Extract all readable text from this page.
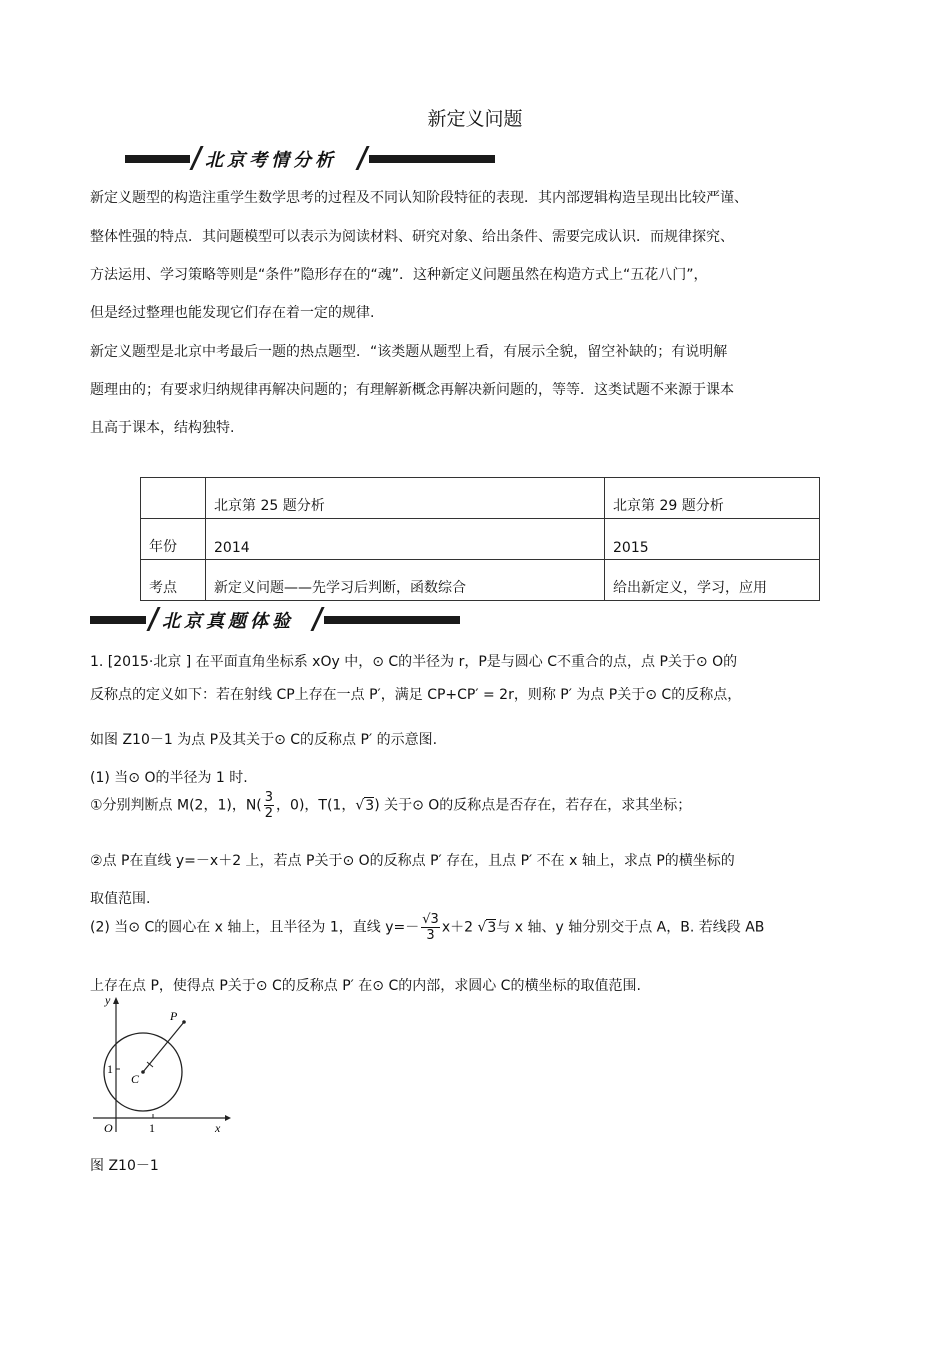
新定义问题
北京考情分析
新定义题型的构造注重学生数学思考的过程及不同认知阶段特征的表现．其内部逻辑构造呈现出比较严谨、
整体性强的特点．其问题模型可以表示为阅读材料、研究对象、给出条件、需要完成认识．而规律探究、
方法运用、学习策略等则是“条件”隐形存在的“魂”．这种新定义问题虽然在构造方式上“五花八门”，
但是经过整理也能发现它们存在着一定的规律.
新定义题型是北京中考最后一题的热点题型．“该类题从题型上看，有展示全貌，留空补缺的；有说明解
题理由的；有要求归纳规律再解决问题的；有理解新概念再解决新问题的，等等．这类试题不来源于课本
且高于课本，结构独特.
	北京第 25 题分析	北京第 29 题分析
年份	2014	2015
考点	新定义问题——先学习后判断，函数综合	给出新定义，学习，应用
北京真题体验
1. [2015·北京 ] 在平面直角坐标系 xOy 中，⊙ C的半径为 r，P是与圆心 C不重合的点，点 P关于⊙ O的
反称点的定义如下：若在射线 CP上存在一点 P′，满足 CP+CP′ = 2r，则称 P′ 为点 P关于⊙ C的反称点，
如图 Z10－1 为点 P及其关于⊙ C的反称点 P′ 的示意图.
(1) 当⊙ O的半径为 1 时.
①分别判断点 M(2，1)，$N( \frac{3}{2}$ ，0)，T(1，√3) 关于⊙ O的反称点是否存在，若存在，求其坐标；
②点 P在直线 y=－x＋2 上，若点 P关于⊙ O的反称点 P′ 存在，且点 P′ 不在 x 轴上，求点 P的横坐标的
取值范围.
(2) 当⊙ C的圆心在 x 轴上，且半径为 1，直线 $y=- \frac{√3}{3} x+2$ √3与 x 轴、y 轴分别交于点 A，B. 若线段 AB
上存在点 P，使得点 P关于⊙ C的反称点 P′ 在⊙ C的内部，求圆心 C的横坐标的取值范围.
y
x
O	1
1
C
P
图 Z10－1
